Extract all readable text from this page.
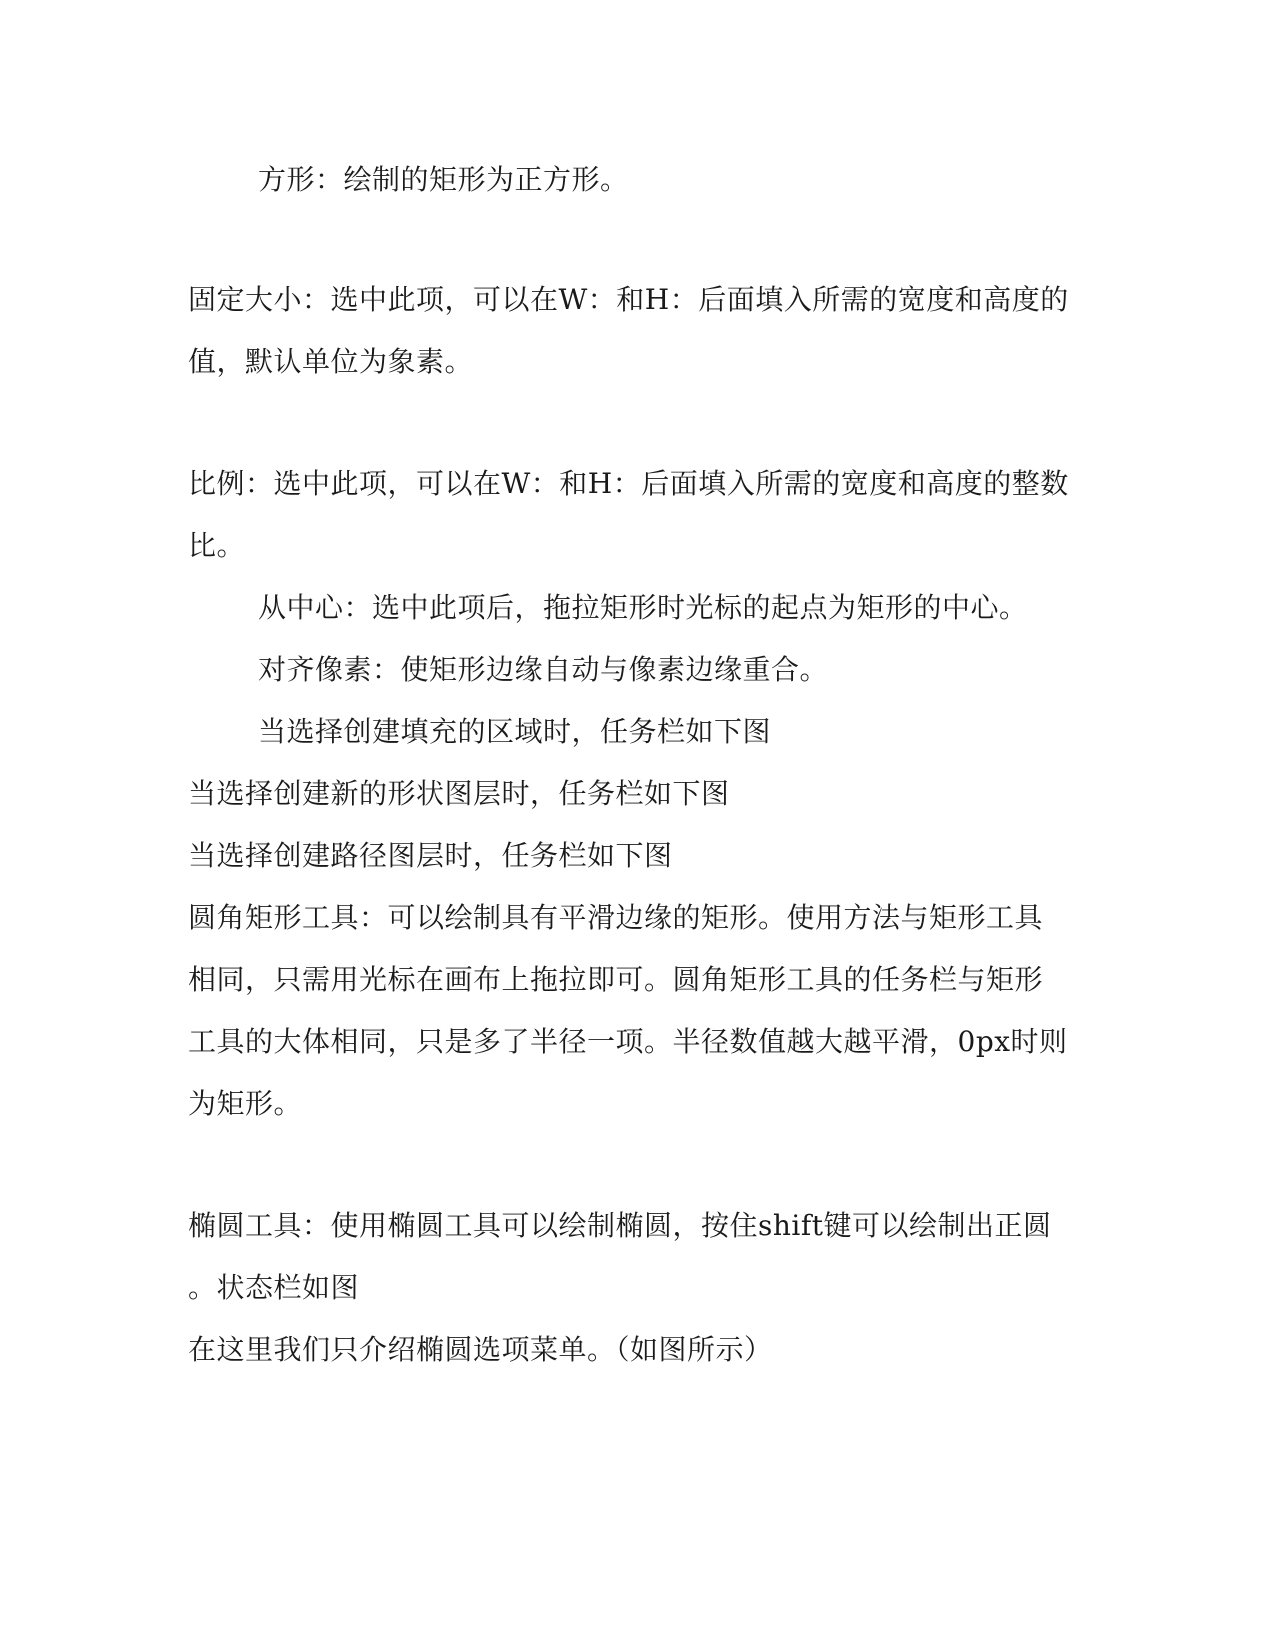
方形：绘制的矩形为正方形。
固定大小：选中此项，可以在W：和H：后面填入所需的宽度和高度的
值，默认单位为象素。
比例：选中此项，可以在W：和H：后面填入所需的宽度和高度的整数
比。
从中心：选中此项后，拖拉矩形时光标的起点为矩形的中心。
对齐像素：使矩形边缘自动与像素边缘重合。
当选择创建填充的区域时，任务栏如下图
当选择创建新的形状图层时，任务栏如下图
当选择创建路径图层时，任务栏如下图
圆角矩形工具：可以绘制具有平滑边缘的矩形。使用方法与矩形工具
相同，只需用光标在画布上拖拉即可。圆角矩形工具的任务栏与矩形
工具的大体相同，只是多了半径一项。半径数值越大越平滑，0px时则
为矩形。
椭圆工具：使用椭圆工具可以绘制椭圆，按住shift键可以绘制出正圆
。状态栏如图
在这里我们只介绍椭圆选项菜单。（如图所示）
